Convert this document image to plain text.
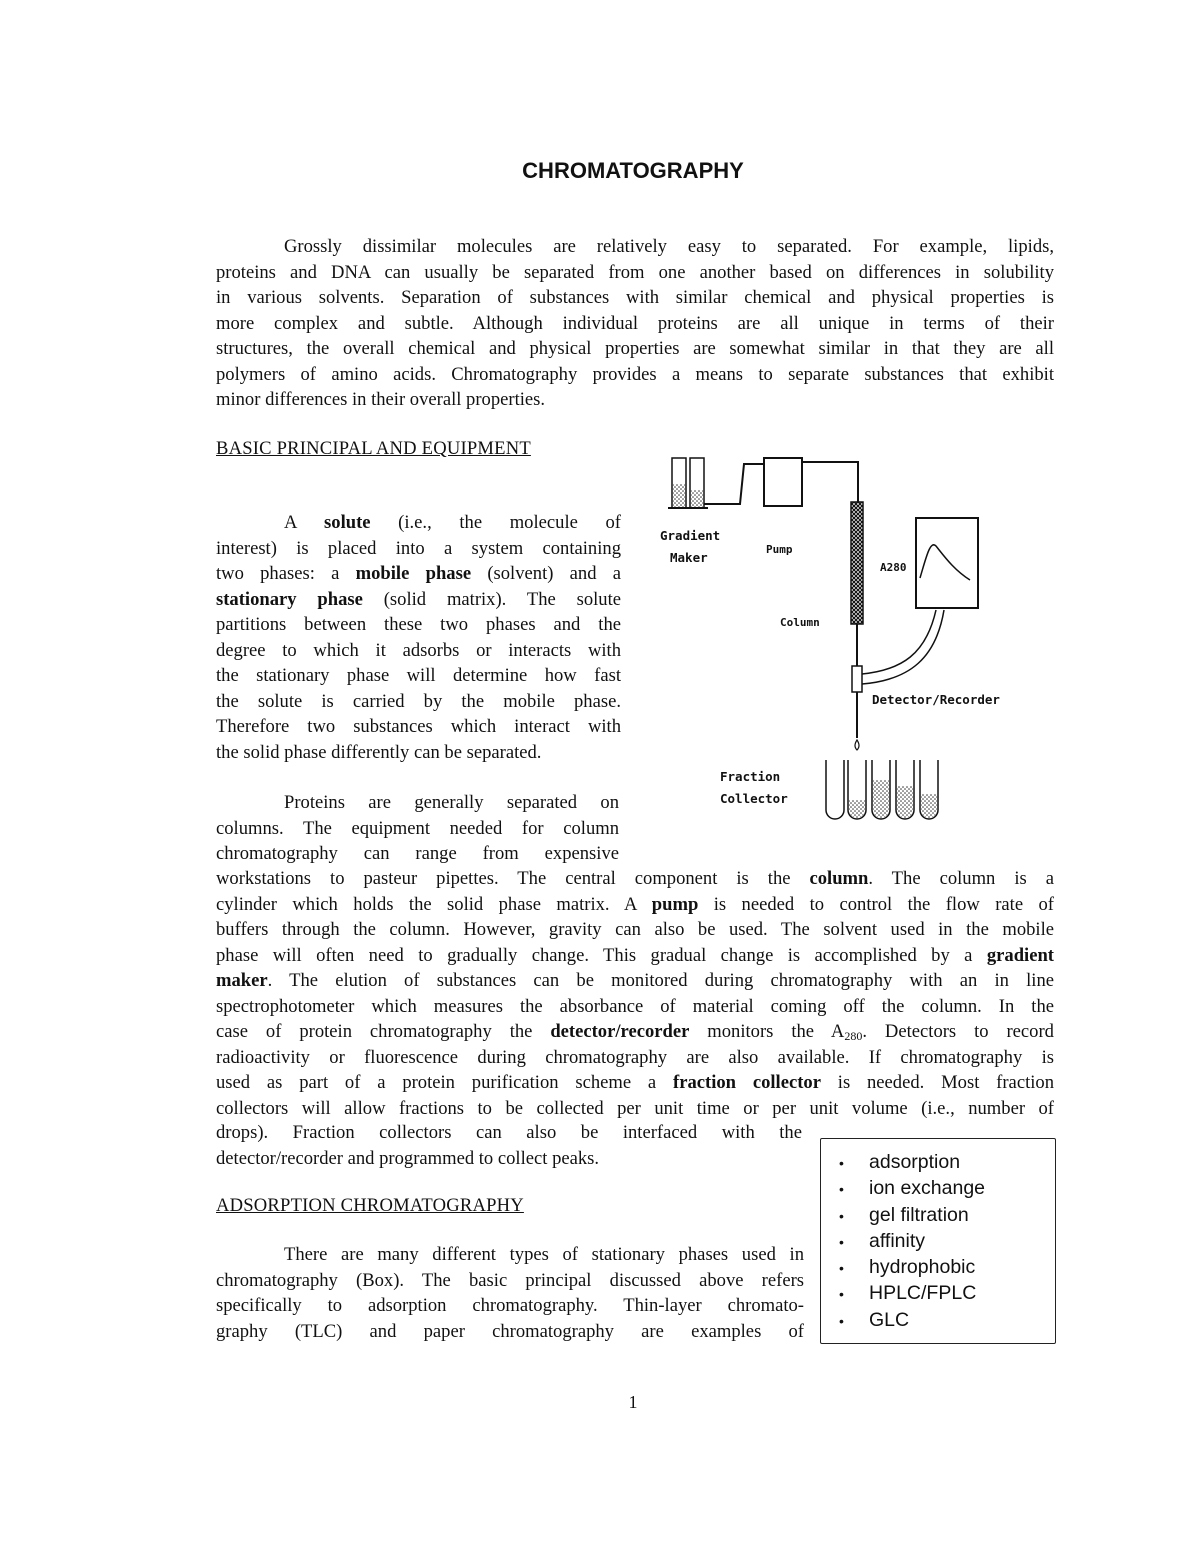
CHROMATOGRAPHY
Grossly dissimilar molecules are relatively easy to separated. For example, lipids,
proteins and DNA can usually be separated from one another based on differences in solubility
in various solvents. Separation of substances with similar chemical and physical properties is
more complex and subtle. Although individual proteins are all unique in terms of their
structures, the overall chemical and physical properties are somewhat similar in that they are all
polymers of amino acids. Chromatography provides a means to separate substances that exhibit
minor differences in their overall properties.
BASIC PRINCIPAL AND EQUIPMENT
A solute (i.e., the molecule of
interest) is placed into a system containing
two phases: a mobile phase (solvent) and a
stationary phase (solid matrix). The solute
partitions between these two phases and the
degree to which it adsorbs or interacts with
the stationary phase will determine how fast
the solute is carried by the mobile phase.
Therefore two substances which interact with
the solid phase differently can be separated.
Proteins are generally separated on
columns. The equipment needed for column
chromatography can range from expensive
workstations to pasteur pipettes. The central component is the column. The column is a
cylinder which holds the solid phase matrix. A pump is needed to control the flow rate of
buffers through the column. However, gravity can also be used. The solvent used in the mobile
phase will often need to gradually change. This gradual change is accomplished by a gradient
maker. The elution of substances can be monitored during chromatography with an in line
spectrophotometer which measures the absorbance of material coming off the column. In the
case of protein chromatography the detector/recorder monitors the $A_{280}$. Detectors to record
radioactivity or fluorescence during chromatography are also available. If chromatography is
used as part of a protein purification scheme a fraction collector is needed. Most fraction
collectors will allow fractions to be collected per unit time or per unit volume (i.e., number of
drops). Fraction collectors can also be interfaced with the
detector/recorder and programmed to collect peaks.
ADSORPTION CHROMATOGRAPHY
There are many different types of stationary phases used in
chromatography (Box). The basic principal discussed above refers
specifically to adsorption chromatography. Thin-layer chromato-
graphy (TLC) and paper chromatography are examples of
• adsorption
• ion exchange
• gel filtration
• affinity
• hydrophobic
• HPLC/FPLC
• GLC
Gradient
Maker
Pump
A280
Column
Detector/Recorder
Fraction
Collector
1
